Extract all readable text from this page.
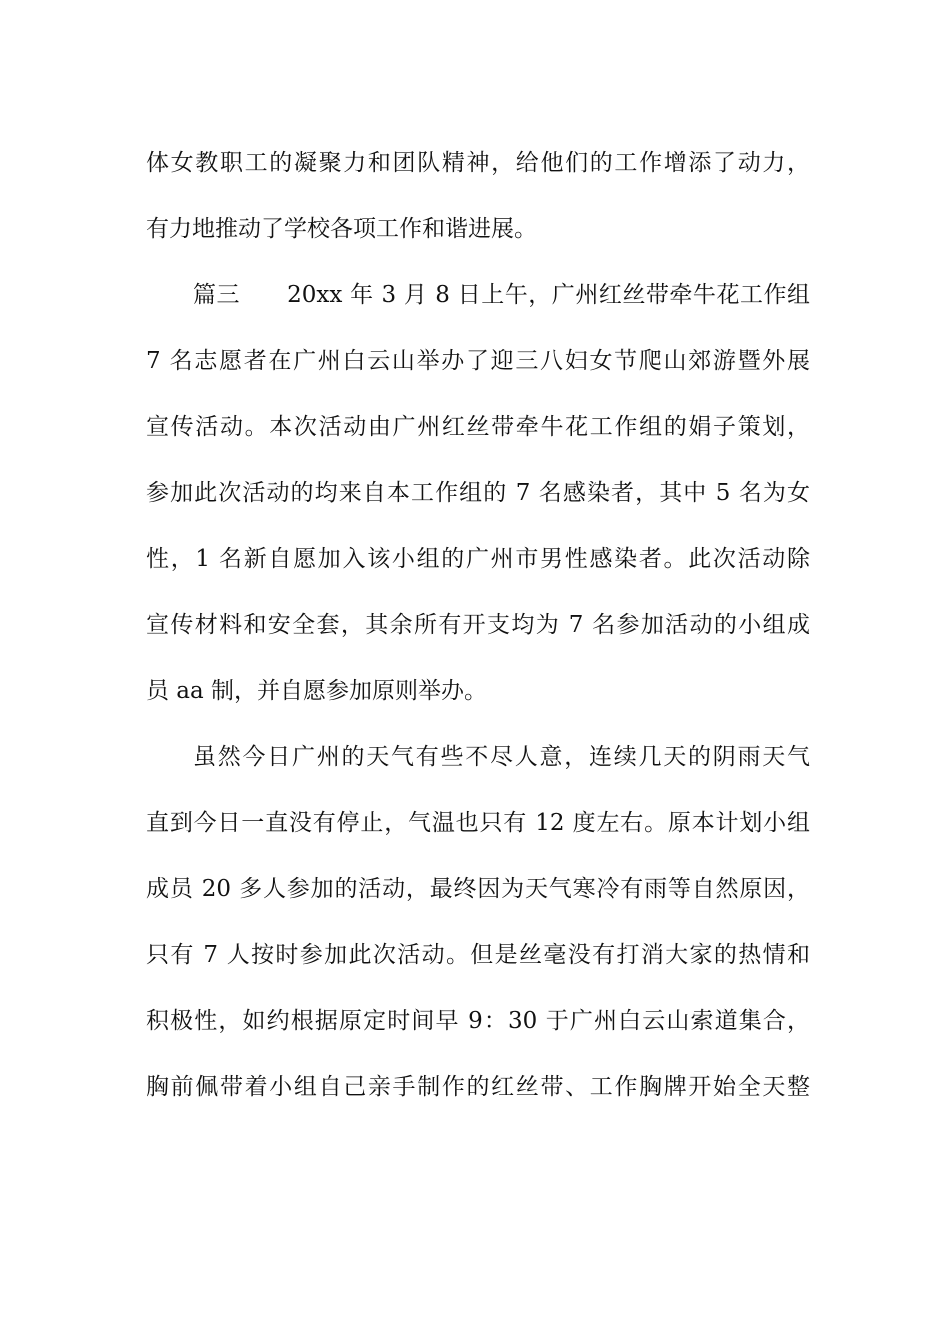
体女教职工的凝聚力和团队精神，给他们的工作增添了动力，
有力地推动了学校各项工作和谐进展。
篇三　　20xx 年 3 月 8 日上午，广州红丝带牵牛花工作组
7 名志愿者在广州白云山举办了迎三八妇女节爬山郊游暨外展
宣传活动。本次活动由广州红丝带牵牛花工作组的娟子策划，
参加此次活动的均来自本工作组的 7 名感染者，其中 5 名为女
性，1 名新自愿加入该小组的广州市男性感染者。此次活动除
宣传材料和安全套，其余所有开支均为 7 名参加活动的小组成
员 aa 制，并自愿参加原则举办。
虽然今日广州的天气有些不尽人意，连续几天的阴雨天气
直到今日一直没有停止，气温也只有 12 度左右。原本计划小组
成员 20 多人参加的活动，最终因为天气寒冷有雨等自然原因，
只有 7 人按时参加此次活动。但是丝毫没有打消大家的热情和
积极性，如约根据原定时间早 9：30 于广州白云山索道集合，
胸前佩带着小组自己亲手制作的红丝带、工作胸牌开始全天整
